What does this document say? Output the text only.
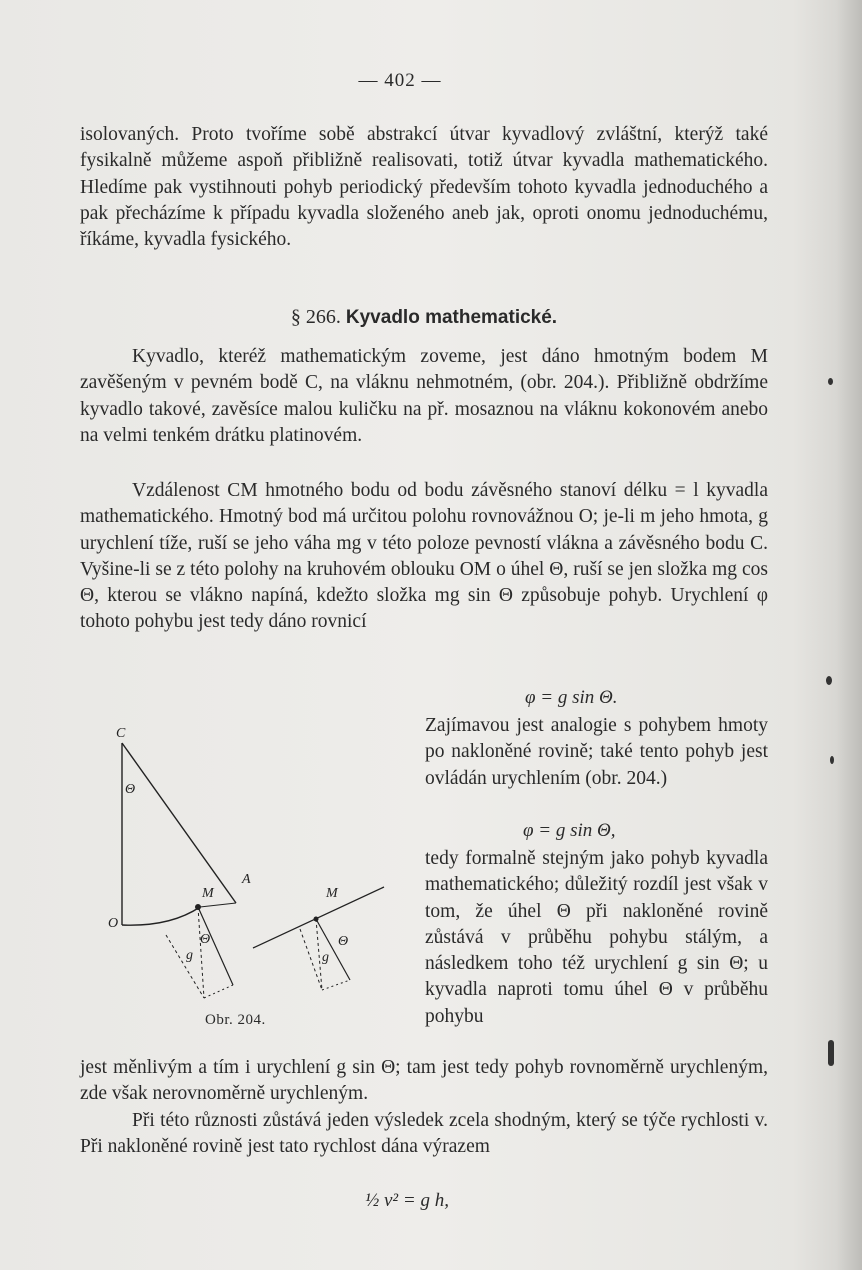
— 402 —
isolovaných. Proto tvoříme sobě abstrakcí útvar kyvadlový zvláštní, kterýž také fysikalně můžeme aspoň přibližně realisovati, totiž útvar kyvadla mathematického. Hledíme pak vystihnouti pohyb periodický především tohoto kyvadla jednoduchého a pak přecházíme k případu kyvadla složeného aneb jak, oproti onomu jednoduchému, říkáme, kyvadla fysického.
§ 266. Kyvadlo mathematické.
Kyvadlo, kteréž mathematickým zoveme, jest dáno hmotným bodem M zavěšeným v pevném bodě C, na vláknu nehmotném, (obr. 204.). Přibližně obdržíme kyvadlo takové, zavěsíce malou kuličku na př. mosaznou na vláknu kokonovém anebo na velmi tenkém drátku platinovém.
Vzdálenost CM hmotného bodu od bodu závěsného stanoví délku = l kyvadla mathematického. Hmotný bod má určitou polohu rovnovážnou O; je-li m jeho hmota, g urychlení tíže, ruší se jeho váha mg v této poloze pevností vlákna a závěsného bodu C. Vyšine-li se z této polohy na kruhovém oblouku OM o úhel Θ, ruší se jen složka mg cos Θ, kterou se vlákno napíná, kdežto složka mg sin Θ způsobuje pohyb. Urychlení φ tohoto pohybu jest tedy dáno rovnicí
φ = g sin Θ.
Zajímavou jest analogie s pohybem hmoty po nakloněné rovině; také tento pohyb jest ovládán urychlením (obr. 204.)
φ = g sin Θ,
tedy formalně stejným jako pohyb kyvadla mathematického; důležitý rozdíl jest však v tom, že úhel Θ při nakloněné rovině zůstává v průběhu pohybu stálým, a následkem toho též urychlení g sin Θ; u kyvadla naproti tomu úhel Θ v průběhu pohybu
C
Θ
M
A
O
Θ
g
M
Θ
g
Obr. 204.
jest měnlivým a tím i urychlení g sin Θ; tam jest tedy pohyb rovnoměrně urychleným, zde však nerovnoměrně urychleným.
Při této různosti zůstává jeden výsledek zcela shodným, který se týče rychlosti v. Při nakloněné rovině jest tato rychlost dána výrazem
½ v² = g h,
